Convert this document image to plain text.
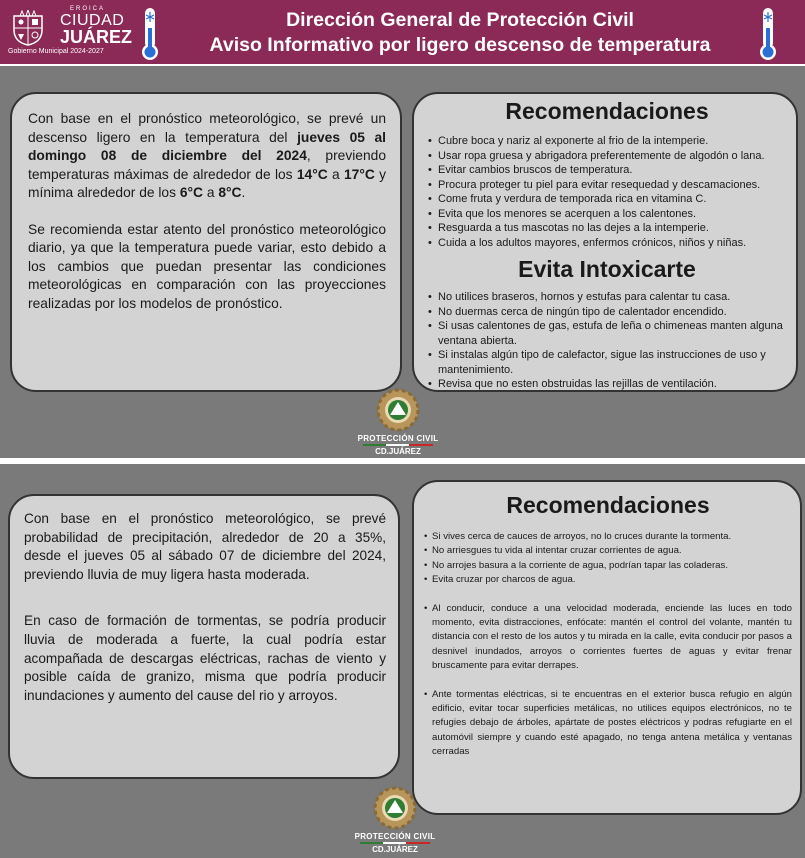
EROICA
CIUDAD
JUÁREZ
Gobierno Municipal 2024-2027
Dirección General de Protección Civil
Aviso Informativo por ligero descenso de temperatura

Con base en el pronóstico meteorológico, se prevé un descenso ligero en la temperatura del jueves 05 al domingo 08 de diciembre del 2024, previendo temperaturas máximas de alrededor de los 14°C a 17°C y mínima alrededor de los 6°C a 8°C.

Se recomienda estar atento del pronóstico meteorológico diario, ya que la temperatura puede variar, esto debido a los cambios que puedan presentar las condiciones meteorológicas en comparación con las proyecciones realizadas por los modelos de pronóstico.

Recomendaciones
• Cubre boca y nariz al exponerte al frio de la intemperie.
• Usar ropa gruesa y abrigadora preferentemente de algodón o lana.
• Evitar cambios bruscos de temperatura.
• Procura proteger tu piel para evitar resequedad y descamaciones.
• Come fruta y verdura de temporada rica en vitamina C.
• Evita que los menores se acerquen a los calentones.
• Resguarda a tus mascotas no las dejes a la intemperie.
• Cuida a los adultos mayores, enfermos crónicos, niños y niñas.
Evita Intoxicarte
• No utilices braseros, hornos y estufas para calentar tu casa.
• No duermas cerca de ningún tipo de calentador encendido.
• Si usas calentones de gas, estufa de leña o chimeneas manten alguna ventana abierta.
• Si instalas algún tipo de calefactor, sigue las instrucciones de uso y mantenimiento.
• Revisa que no esten obstruidas las rejillas de ventilación.
PROTECCIÓN CIVIL
CD.JUÁREZ

Con base en el pronóstico meteorológico, se prevé probabilidad de precipitación, alrededor de 20 a 35%, desde el jueves 05 al sábado 07 de diciembre del 2024, previendo lluvia de muy ligera hasta moderada.

En caso de formación de tormentas, se podría producir lluvia de moderada a fuerte, la cual podría estar acompañada de descargas eléctricas, rachas de viento y posible caída de granizo, misma que podría producir inundaciones y aumento del cause del rio y arroyos.

Recomendaciones
• Si vives cerca de cauces de arroyos, no lo cruces durante la tormenta.
• No arriesgues tu vida al intentar cruzar corrientes de agua.
• No arrojes basura a la corriente de agua, podrían tapar las coladeras.
• Evita cruzar por charcos de agua.
• Al conducir, conduce a una velocidad moderada, enciende las luces en todo momento, evita distracciones, enfócate: mantén el control del volante, mantén tu distancia con el resto de los autos y tu mirada en la calle, evita conducir por pasos a desnivel inundados, arroyos o corrientes fuertes de aguas y evitar frenar bruscamente para evitar derrapes.
• Ante tormentas eléctricas, si te encuentras en el exterior busca refugio en algún edificio, evitar tocar superficies metálicas, no utilices equipos electrónicos, no te refugies debajo de árboles, apártate de postes eléctricos y podras refugiarte en el automóvil siempre y cuando esté apagado, no tenga antena metálica y ventanas cerradas
PROTECCIÓN CIVIL
CD.JUÁREZ
